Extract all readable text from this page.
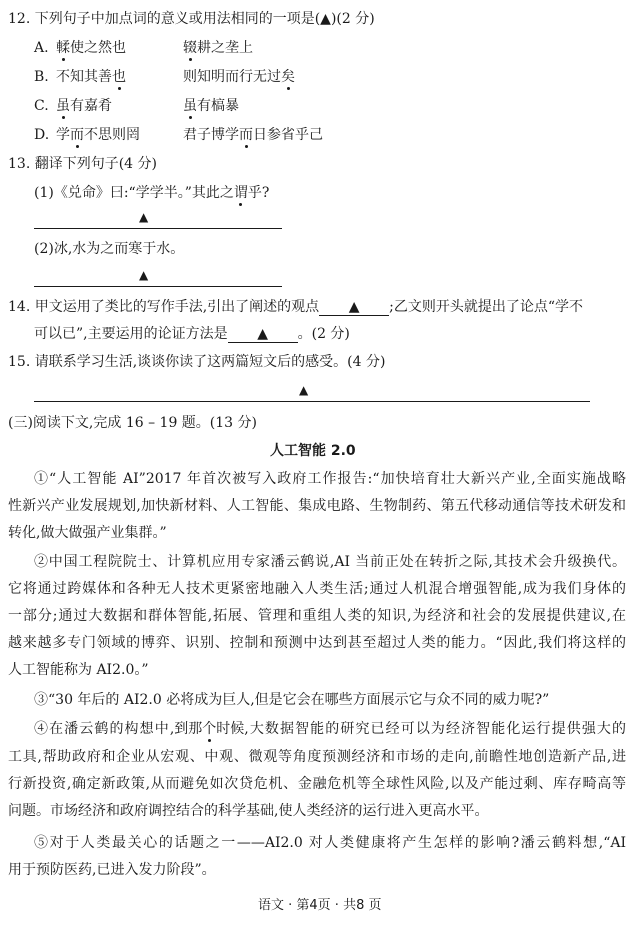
12. 下列句子中加点词的意义或用法相同的一项是(▲)(2 分)
A. 輮使之然也	辍耕之垄上
B. 不知其善也	则知明而行无过矣
C. 虽有嘉肴	虽有槁暴
D. 学而不思则罔	君子博学而日参省乎己
13. 翻译下列句子(4 分)
(1)《兑命》曰:“学学半。”其此之谓乎?
▲
(2)冰,水为之而寒于水。
▲
14. 甲文运用了类比的写作手法,引出了阐述的观点 ▲ ;乙文则开头就提出了论点“学不
可以已”,主要运用的论证方法是 ▲ 。(2 分)
15. 请联系学习生活,谈谈你读了这两篇短文后的感受。(4 分)
▲
(三)阅读下文,完成 16 – 19 题。(13 分)
人工智能 2.0
①“人工智能 AI”2017 年首次被写入政府工作报告:“加快培育壮大新兴产业,全面实施战略
性新兴产业发展规划,加快新材料、人工智能、集成电路、生物制药、第五代移动通信等技术研发和
转化,做大做强产业集群。”
②中国工程院院士、计算机应用专家潘云鹤说,AI 当前正处在转折之际,其技术会升级换代。
它将通过跨媒体和各种无人技术更紧密地融入人类生活;通过人机混合增强智能,成为我们身体的
一部分;通过大数据和群体智能,拓展、管理和重组人类的知识,为经济和社会的发展提供建议,在
越来越多专门领域的博弈、识别、控制和预测中达到甚至超过人类的能力。“因此,我们将这样的
人工智能称为 AI2.0。”
③“30 年后的 AI2.0 必将成为巨人,但是它会在哪些方面展示它与众不同的威力呢?”
④在潘云鹤的构想中,到那个时候,大数据智能的研究已经可以为经济智能化运行提供强大的
工具,帮助政府和企业从宏观、中观、微观等角度预测经济和市场的走向,前瞻性地创造新产品,进
行新投资,确定新政策,从而避免如次贷危机、金融危机等全球性风险,以及产能过剩、库存畸高等
问题。市场经济和政府调控结合的科学基础,使人类经济的运行进入更高水平。
⑤对于人类最关心的话题之一——AI2.0 对人类健康将产生怎样的影响?潘云鹤料想,“AI
用于预防医药,已进入发力阶段”。
语文 · 第4页 · 共8 页
